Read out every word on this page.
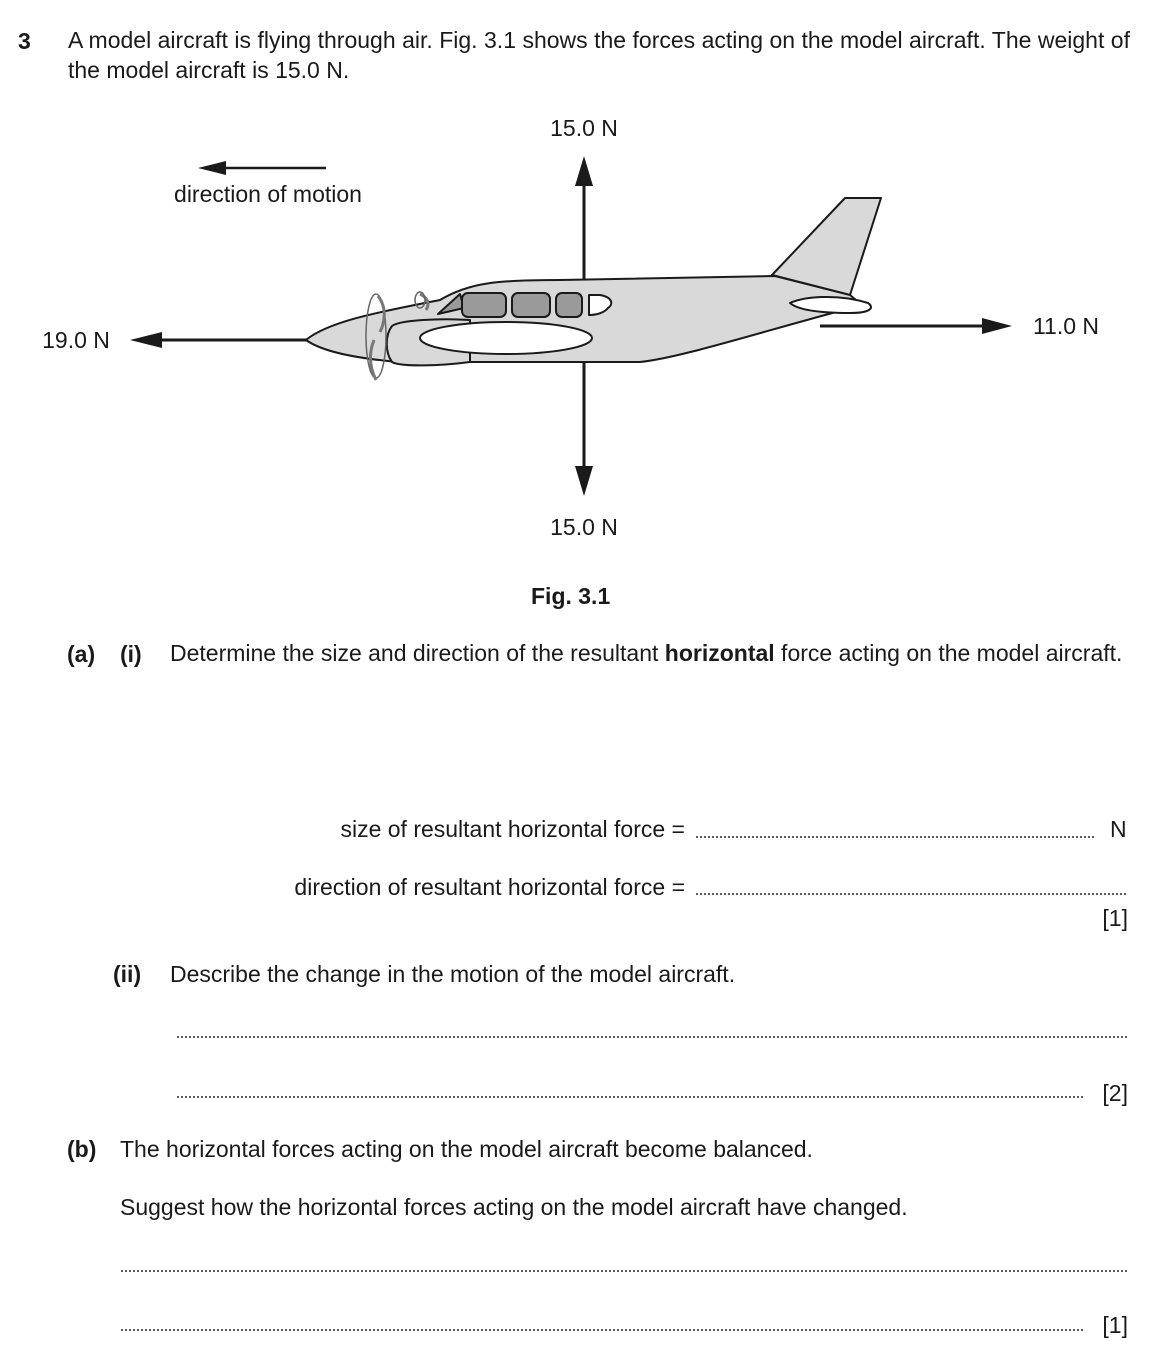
3 A model aircraft is flying through air. Fig. 3.1 shows the forces acting on the model aircraft. The weight of the model aircraft is 15.0 N.
direction of motion
15.0 N
15.0 N
19.0 N
11.0 N
Fig. 3.1
(a) (i) Determine the size and direction of the resultant horizontal force acting on the model aircraft.
size of resultant horizontal force =	N
direction of resultant horizontal force =
[1]
(ii) Describe the change in the motion of the model aircraft.
[2]
(b) The horizontal forces acting on the model aircraft become balanced.
Suggest how the horizontal forces acting on the model aircraft have changed.
[1]
